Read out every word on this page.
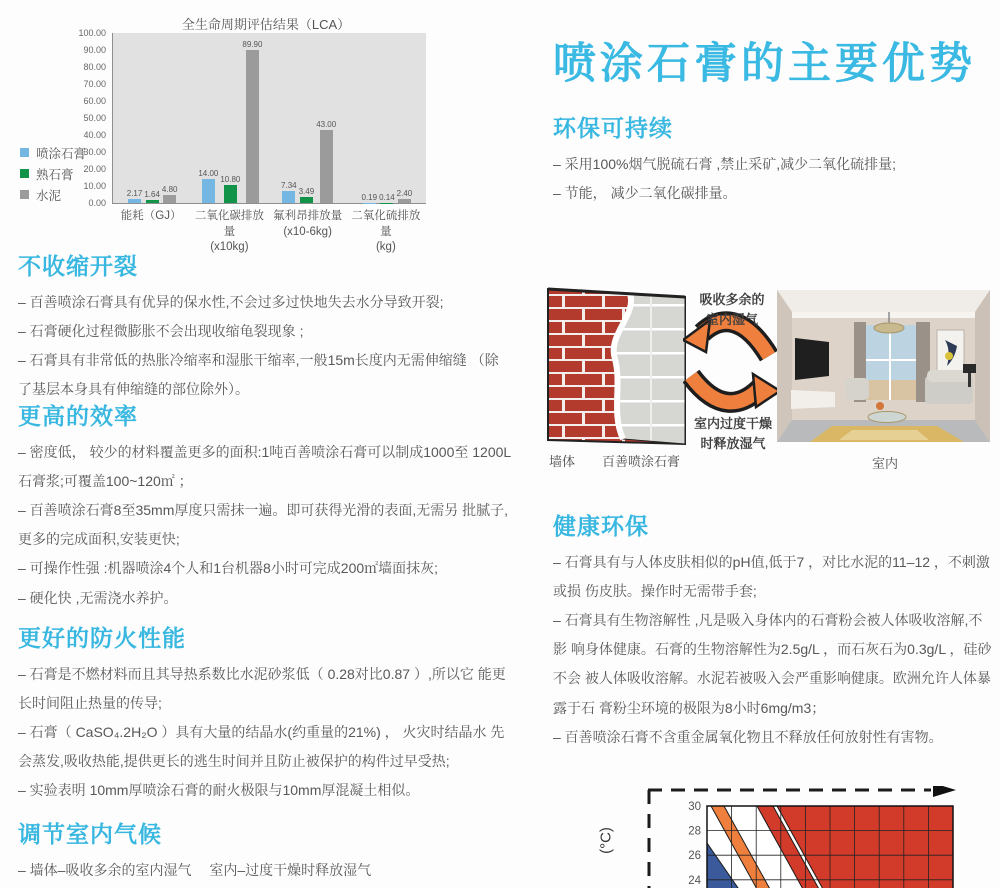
全生命周期评估结果（LCA）
喷涂石膏
熟石膏
水泥	2.17 1.64
4.80
14.00
10.80
89.90
7.34
3.49
43.00
0.19 0.14 2.40
能耗（GJ）	二氧化碳排放量
(x10kg)
氟利昂排放量
(x10-6kg)
二氧化硫排放量
(kg)
0.00
10.00
20.00
30.00
40.00
50.00
60.00
70.00
80.00
90.00
100.00
喷涂石膏的主要优势
环保可持续

– 采用100%烟气脱硫石膏 ,禁止采矿,减少二氧化硫排量;

– 节能， 减少二氧化碳排量。

不收缩开裂

– 百善喷涂石膏具有优异的保水性,不会过多过快地失去水分导致开裂;

– 石膏硬化过程微膨胀不会出现收缩龟裂现象 ;

– 石膏具有非常低的热胀冷缩率和湿胀干缩率,一般15m长度内无需伸缩缝 （除了基层本身具有伸缩缝的部位除外）。

更高的效率

– 密度低， 较少的材料覆盖更多的面积:1吨百善喷涂石膏可以制成1000至 1200L石膏浆;可覆盖100~120㎡ ；

– 百善喷涂石膏8至35mm厚度只需抹一遍。即可获得光滑的表面,无需另 批腻子,更多的完成面积,安装更快;

– 可操作性强 :机器喷涂4个人和1台机器8小时可完成200㎡墙面抹灰;

– 硬化快 ,无需浇水养护。

更好的防火性能

– 石膏是不燃材料而且其导热系数比水泥砂浆低（ 0.28对比0.87 ）,所以它 能更长时间阻止热量的传导;

– 石膏（ CaSO₄.2H₂O ）具有大量的结晶水(约重量的21%) ， 火灾时结晶水 先会蒸发,吸收热能,提供更长的逃生时间并且防止被保护的构件过早受热;

– 实验表明 10mm厚喷涂石膏的耐火极限与10mm厚混凝土相似。

调节室内气候

– 墙体–吸收多余的室内湿气　 室内–过度干燥时释放湿气

健康环保

– 石膏具有与人体皮肤相似的pH值,低于7 ，对比水泥的11–12 ，不刺激或损 伤皮肤。操作时无需带手套;

– 石膏具有生物溶解性 ,凡是吸入身体内的石膏粉会被人体吸收溶解,不影 响身体健康。石膏的生物溶解性为2.5g/L ，而石灰石为0.3g/L ，硅砂不会 被人体吸收溶解。水泥若被吸入会严重影响健康。欧洲允许人体暴露于石 膏粉尘环境的极限为8小时6mg/m3；

– 百善喷涂石膏不含重金属氧化物且不释放任何放射性有害物。

吸收多余的
室内湿气
室内过度干燥
时释放湿气
墙体 百善喷涂石膏	室内
(°C)
30
28
26
24
